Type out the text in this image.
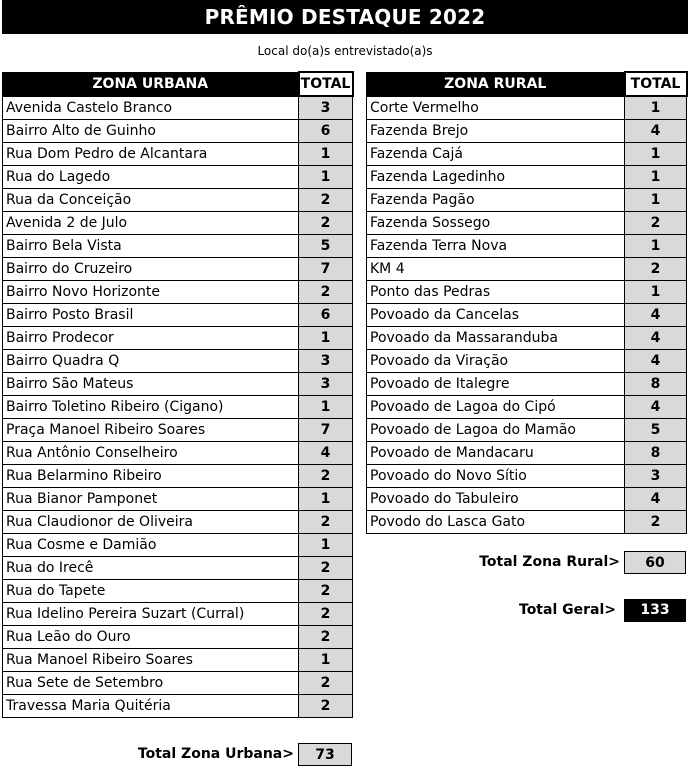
PRÊMIO DESTAQUE 2022
Local do(a)s entrevistado(a)s
ZONA URBANA	TOTAL
Avenida Castelo Branco	3
Bairro Alto de Guinho	6
Rua Dom Pedro de Alcantara	1
Rua do Lagedo	1
Rua da Conceição	2
Avenida 2 de Julo	2
Bairro Bela Vista	5
Bairro do Cruzeiro	7
Bairro Novo Horizonte	2
Bairro Posto Brasil	6
Bairro Prodecor	1
Bairro Quadra Q	3
Bairro São Mateus	3
Bairro Toletino Ribeiro (Cigano)	1
Praça Manoel Ribeiro Soares	7
Rua Antônio Conselheiro	4
Rua Belarmino Ribeiro	2
Rua Bianor Pamponet	1
Rua Claudionor de Oliveira	2
Rua Cosme e Damião	1
Rua do Irecê	2
Rua do Tapete	2
Rua Idelino Pereira Suzart (Curral)	2
Rua Leão do Ouro	2
Rua Manoel Ribeiro Soares	1
Rua Sete de Setembro	2
Travessa Maria Quitéria	2
ZONA RURAL	TOTAL
Corte Vermelho	1
Fazenda Brejo	4
Fazenda Cajá	1
Fazenda Lagedinho	1
Fazenda Pagão	1
Fazenda Sossego	2
Fazenda Terra Nova	1
KM 4	2
Ponto das Pedras	1
Povoado da Cancelas	4
Povoado da Massaranduba	4
Povoado da Viração	4
Povoado de Italegre	8
Povoado de Lagoa do Cipó	4
Povoado de Lagoa do Mamão	5
Povoado de Mandacaru	8
Povoado do Novo Sítio	3
Povoado do Tabuleiro	4
Povodo do Lasca Gato	2
Total Zona Urbana>	73
Total Zona Rural>	60
Total Geral>	133
